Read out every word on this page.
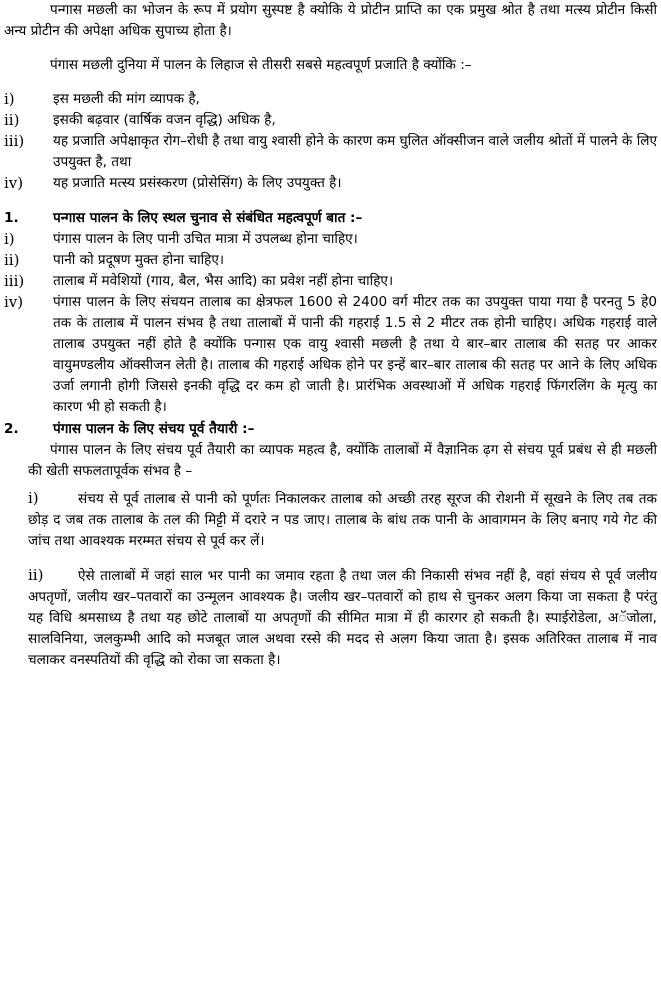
पन्गास मछली का भोजन के रूप में प्रयोग सुस्पष्ट है क्योकि ये प्रोटीन प्राप्ति का एक प्रमुख श्रोत है तथा मत्स्य प्रोटीन किसी अन्य प्रोटीन की अपेक्षा अधिक सुपाच्य होता है।

पंगास मछली दुनिया में पालन के लिहाज से तीसरी सबसे महत्वपूर्ण प्रजाति है क्योंकि :–

i)	इस मछली की मांग व्यापक है,
ii)	इसकी बढ़वार (वार्षिक वजन वृद्धि) अधिक है,
iii)	यह प्रजाति अपेक्षाकृत रोग–रोधी है तथा वायु श्वासी होने के कारण कम घुलित ऑक्सीजन वाले जलीय श्रोतों में पालने के लिए उपयुक्त है, तथा
iv)	यह प्रजाति मत्स्य प्रसंस्करण (प्रोसेसिंग) के लिए उपयुक्त है।
1.	पन्गास पालन के लिए स्थल चुनाव से संबंधित महत्वपूर्ण बात :–
i)	पंगास पालन के लिए पानी उचित मात्रा में उपलब्ध होना चाहिए।
ii)	पानी को प्रदूषण मुक्त होना चाहिए।
iii)	तालाब में मवेशियों (गाय, बैल, भैस आदि) का प्रवेश नहीं होना चाहिए।
iv)	पंगास पालन के लिए संचयन तालाब का क्षेत्रफल 1600 से 2400 वर्ग मीटर तक का उपयुक्त पाया गया है परनतु 5 हे0 तक के तालाब में पालन संभव है तथा तालाबों में पानी की गहराई 1.5 से 2 मीटर तक होनी चाहिए। अधिक गहराई वाले तालाब उपयुक्त नहीं होते है क्योंकि पन्गास एक वायु श्वासी मछली है तथा ये बार–बार तालाब की सतह पर आकर वायुमण्डलीय ऑक्सीजन लेती है। तालाब की गहराई अधिक होने पर इन्हें बार–बार तालाब की सतह पर आने के लिए अधिक उर्जा लगानी होगी जिससे इनकी वृद्धि दर कम हो जाती है। प्रारंभिक अवस्थाओं में अधिक गहराई फिंगरलिंग के मृत्यु का कारण भी हो सकती है।
2.	पंगास पालन के लिए संचय पूर्व तैयारी :–

पंगास पालन के लिए संचय पूर्व तैयारी का व्यापक महत्व है, क्योंकि तालाबों में वैज्ञानिक ढ़ग से संचय पूर्व प्रबंध से ही मछली की खेती सफलतापूर्वक संभव है –

i)	संचय से पूर्व तालाब से पानी को पूर्णतः निकालकर तालाब को अच्छी तरह सूरज की रोशनी में सूखने के लिए तब तक छोड़ द जब तक तालाब के तल की मिट्टी में दरारे न पड जाए। तालाब के बांध तक पानी के आवागमन के लिए बनाए गये गेट की जांच तथा आवश्यक मरम्मत संचय से पूर्व कर लें।

ii)	ऐसे तालाबों में जहां साल भर पानी का जमाव रहता है तथा जल की निकासी संभव नहीं है, वहां संचय से पूर्व जलीय अपतृणों, जलीय खर–पतवारों का उन्मूलन आवश्यक है। जलीय खर–पतवारों को हाथ से चुनकर अलग किया जा सकता है परंतु यह विधि श्रमसाध्य है तथा यह छोटे तालाबों या अपतृणों की सीमित मात्रा में ही कारगर हो सकती है। स्पाईरोडेला, अॅजोला, सालविनिया, जलकुम्भी आदि को मजबूत जाल अथवा रस्से की मदद से अलग किया जाता है। इसक अतिरिक्त तालाब में नाव चलाकर वनस्पतियों की वृद्धि को रोका जा सकता है।
